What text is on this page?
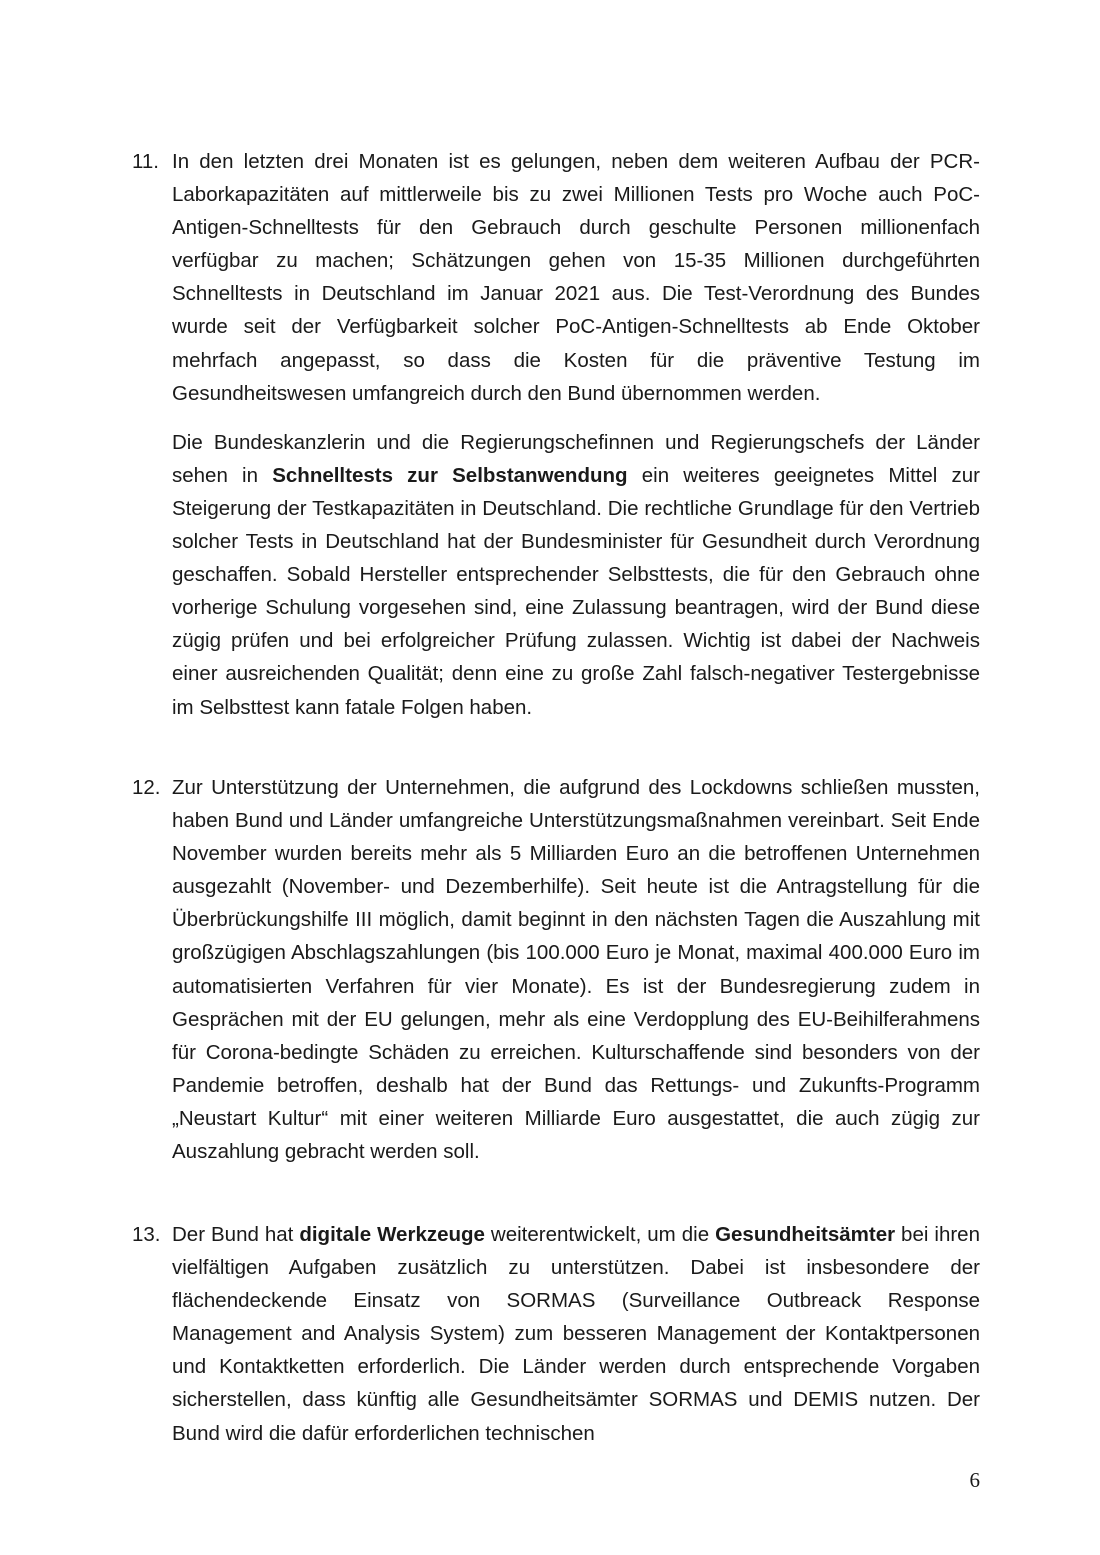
11. In den letzten drei Monaten ist es gelungen, neben dem weiteren Aufbau der PCR-Laborkapazitäten auf mittlerweile bis zu zwei Millionen Tests pro Woche auch PoC-Antigen-Schnelltests für den Gebrauch durch geschulte Personen millionenfach verfügbar zu machen; Schätzungen gehen von 15-35 Millionen durchgeführten Schnelltests in Deutschland im Januar 2021 aus. Die Test-Verordnung des Bundes wurde seit der Verfügbarkeit solcher PoC-Antigen-Schnelltests ab Ende Oktober mehrfach angepasst, so dass die Kosten für die präventive Testung im Gesundheitswesen umfangreich durch den Bund übernommen werden.

Die Bundeskanzlerin und die Regierungschefinnen und Regierungschefs der Länder sehen in Schnelltests zur Selbstanwendung ein weiteres geeignetes Mittel zur Steigerung der Testkapazitäten in Deutschland. Die rechtliche Grundlage für den Vertrieb solcher Tests in Deutschland hat der Bundesminister für Gesundheit durch Verordnung geschaffen. Sobald Hersteller entsprechender Selbsttests, die für den Gebrauch ohne vorherige Schulung vorgesehen sind, eine Zulassung beantragen, wird der Bund diese zügig prüfen und bei erfolgreicher Prüfung zulassen. Wichtig ist dabei der Nachweis einer ausreichenden Qualität; denn eine zu große Zahl falsch-negativer Testergebnisse im Selbsttest kann fatale Folgen haben.

12. Zur Unterstützung der Unternehmen, die aufgrund des Lockdowns schließen mussten, haben Bund und Länder umfangreiche Unterstützungsmaßnahmen vereinbart. Seit Ende November wurden bereits mehr als 5 Milliarden Euro an die betroffenen Unternehmen ausgezahlt (November- und Dezemberhilfe). Seit heute ist die Antragstellung für die Überbrückungshilfe III möglich, damit beginnt in den nächsten Tagen die Auszahlung mit großzügigen Abschlagszahlungen (bis 100.000 Euro je Monat, maximal 400.000 Euro im automatisierten Verfahren für vier Monate). Es ist der Bundesregierung zudem in Gesprächen mit der EU gelungen, mehr als eine Verdopplung des EU-Beihilferahmens für Corona-bedingte Schäden zu erreichen. Kulturschaffende sind besonders von der Pandemie betroffen, deshalb hat der Bund das Rettungs- und Zukunfts-Programm „Neustart Kultur“ mit einer weiteren Milliarde Euro ausgestattet, die auch zügig zur Auszahlung gebracht werden soll.

13. Der Bund hat digitale Werkzeuge weiterentwickelt, um die Gesundheitsämter bei ihren vielfältigen Aufgaben zusätzlich zu unterstützen. Dabei ist insbesondere der flächendeckende Einsatz von SORMAS (Surveillance Outbreack Response Management and Analysis System) zum besseren Management der Kontaktpersonen und Kontaktketten erforderlich. Die Länder werden durch entsprechende Vorgaben sicherstellen, dass künftig alle Gesundheitsämter SORMAS und DEMIS nutzen. Der Bund wird die dafür erforderlichen technischen

6
